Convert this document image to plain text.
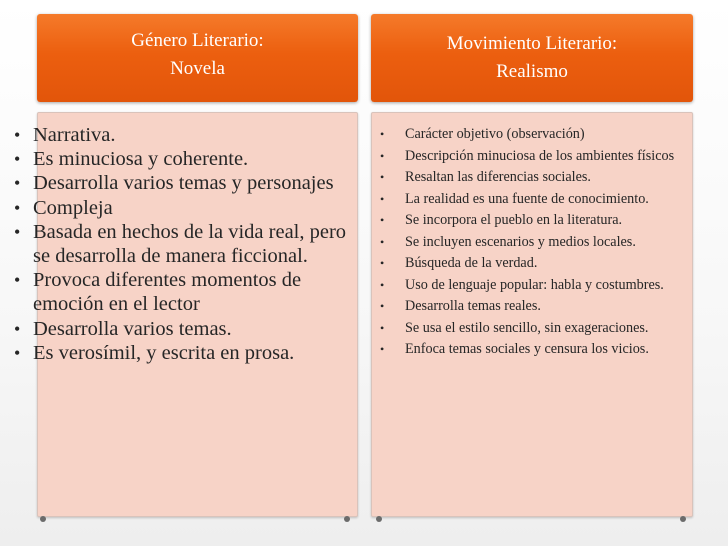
Género Literario:
Novela
Movimiento Literario:
Realismo
• Narrativa.
• Es minuciosa y coherente.
• Desarrolla varios temas y personajes
• Compleja
• Basada en hechos de la vida real, pero se desarrolla de manera ficcional.
• Provoca diferentes momentos de emoción en el lector
• Desarrolla varios temas.
• Es verosímil, y escrita en prosa.
• Carácter objetivo (observación)
• Descripción minuciosa de los ambientes físicos
• Resaltan las diferencias sociales.
• La realidad es una fuente de conocimiento.
• Se incorpora el pueblo en la literatura.
• Se incluyen escenarios y medios locales.
• Búsqueda de la verdad.
• Uso de lenguaje popular: habla y costumbres.
• Desarrolla temas reales.
• Se usa el estilo sencillo, sin exageraciones.
• Enfoca temas sociales y censura los vicios.
